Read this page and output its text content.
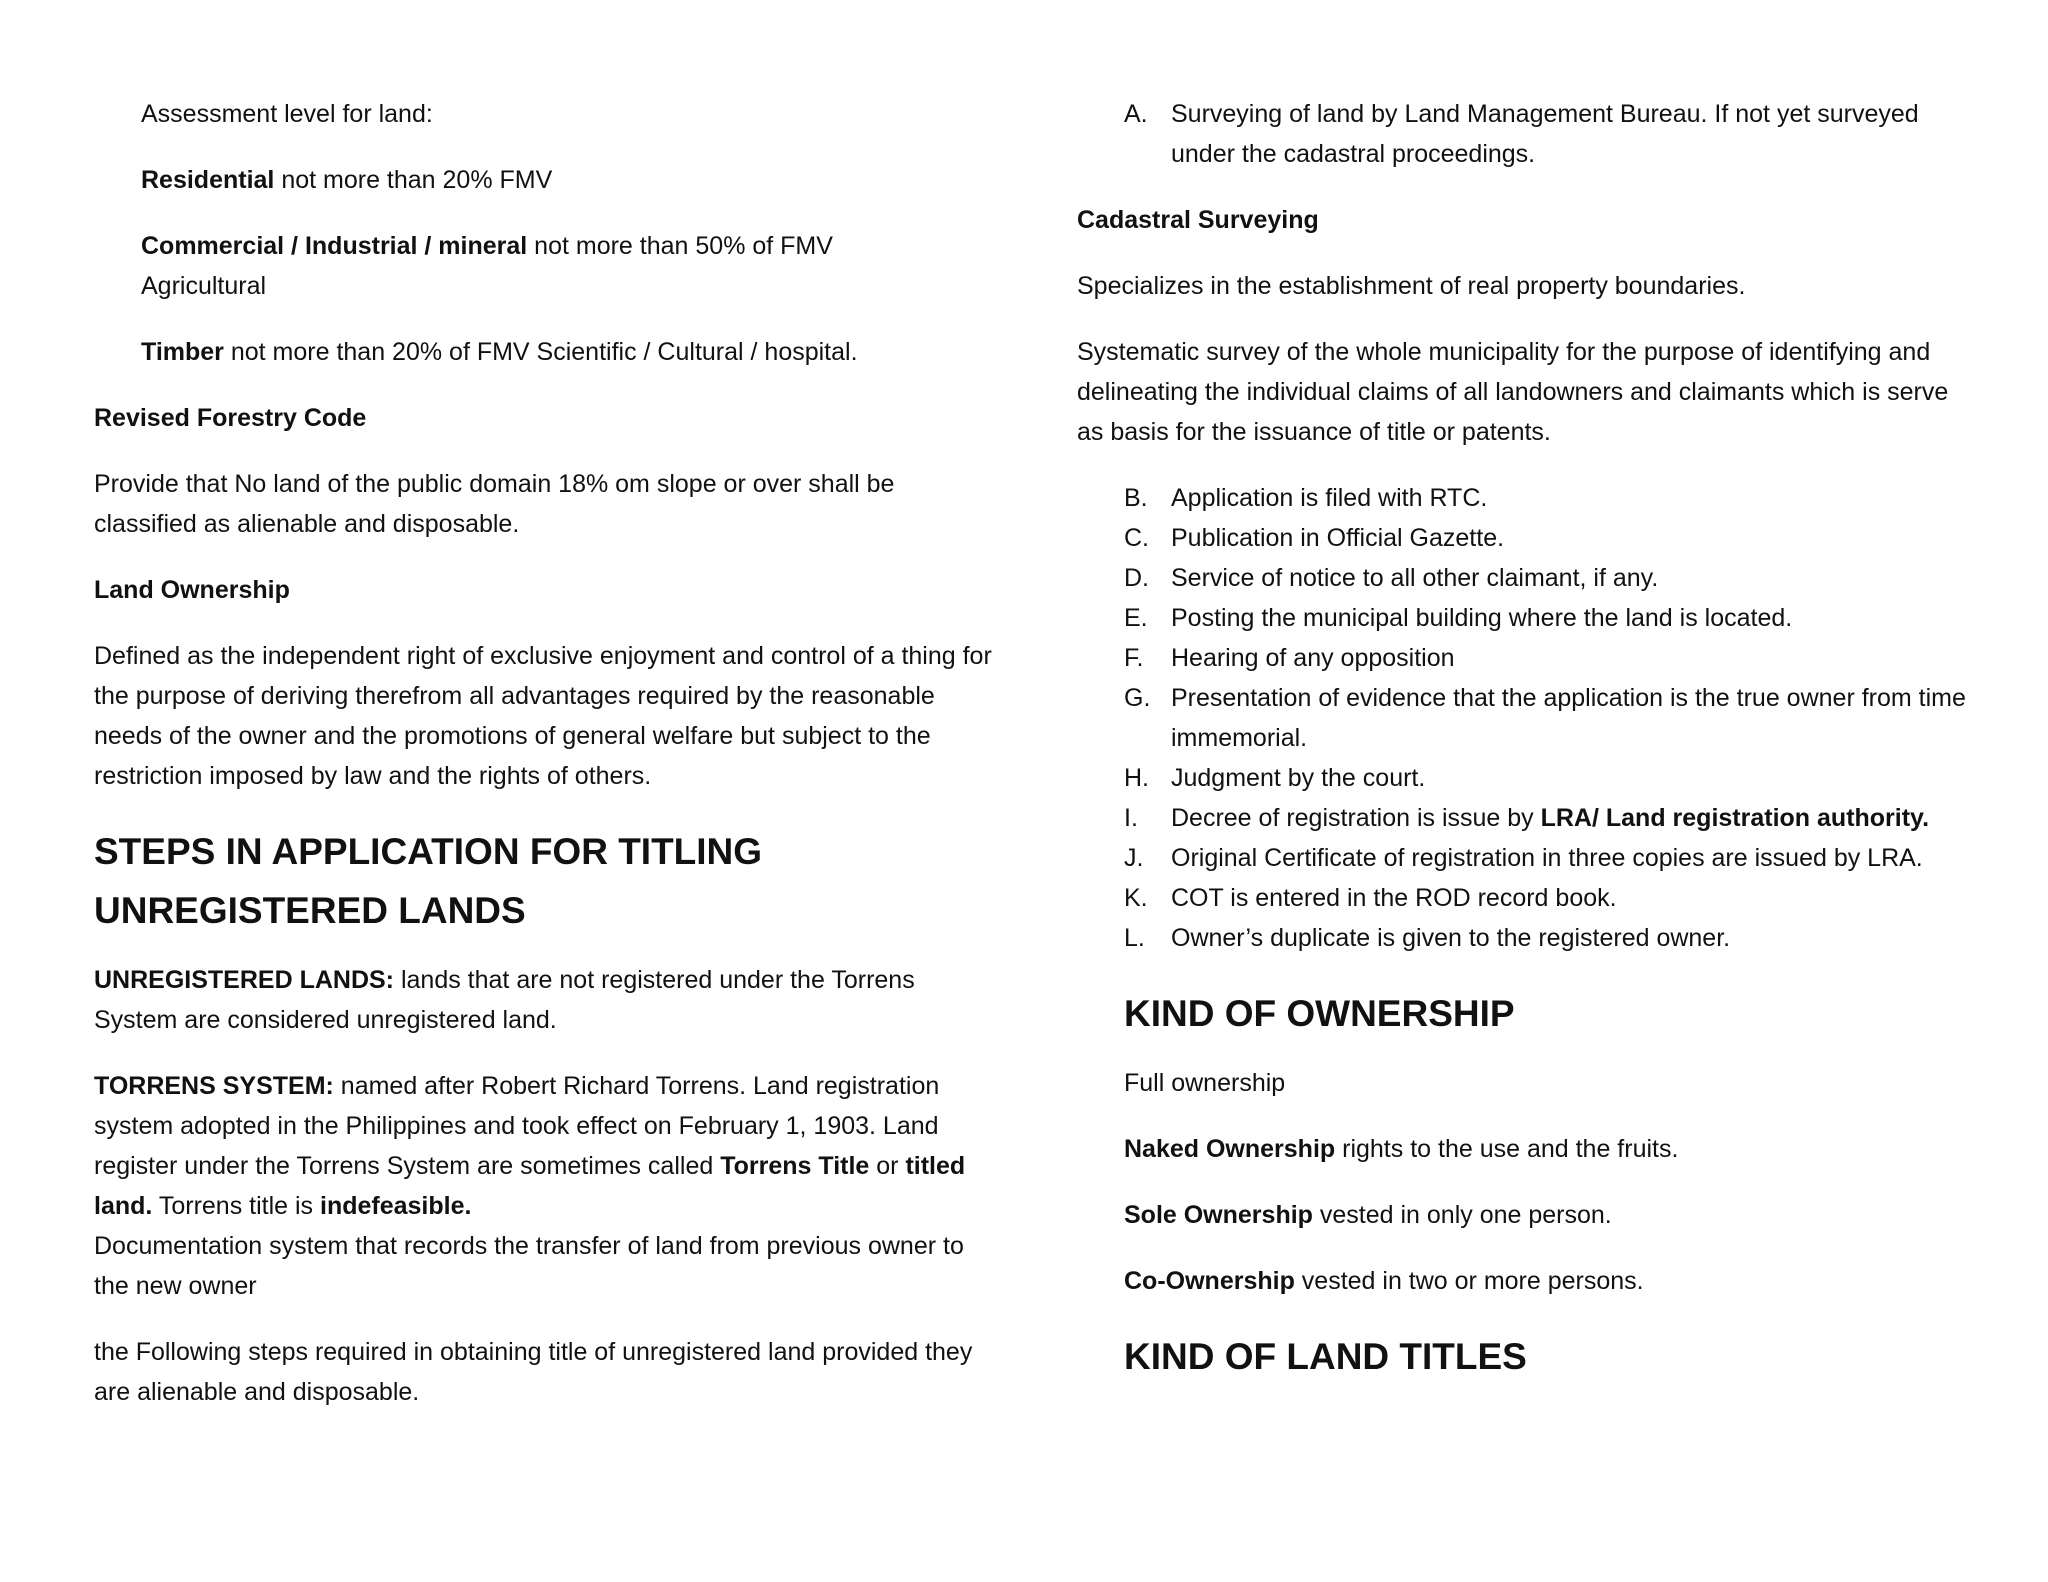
Assessment level for land:

Residential not more than 20% FMV

Commercial / Industrial / mineral not more than 50% of FMV
Agricultural

Timber not more than 20% of FMV Scientific / Cultural / hospital.

Revised Forestry Code

Provide that No land of the public domain 18% om slope or over shall be classified as alienable and disposable.

Land Ownership

Defined as the independent right of exclusive enjoyment and control of a thing for the purpose of deriving therefrom all advantages required by the reasonable needs of the owner and the promotions of general welfare but subject to the restriction imposed by law and the rights of others.

STEPS IN APPLICATION FOR TITLING UNREGISTERED LANDS

UNREGISTERED LANDS: lands that are not registered under the Torrens System are considered unregistered land.

TORRENS SYSTEM: named after Robert Richard Torrens. Land registration system adopted in the Philippines and took effect on February 1, 1903. Land register under the Torrens System are sometimes called Torrens Title or titled land. Torrens title is indefeasible.
Documentation system that records the transfer of land from previous owner to the new owner

the Following steps required in obtaining title of unregistered land provided they are alienable and disposable.

A. Surveying of land by Land Management Bureau. If not yet surveyed under the cadastral proceedings.

Cadastral Surveying

Specializes in the establishment of real property boundaries.

Systematic survey of the whole municipality for the purpose of identifying and delineating the individual claims of all landowners and claimants which is serve as basis for the issuance of title or patents.

B. Application is filed with RTC.
C. Publication in Official Gazette.
D. Service of notice to all other claimant, if any.
E. Posting the municipal building where the land is located.
F.	Hearing of any opposition
G. Presentation of evidence that the application is the true owner from time immemorial.
H. Judgment by the court.
I.	Decree of registration is issue by LRA/ Land registration authority.
J.	Original Certificate of registration in three copies are issued by LRA.
K. COT is entered in the ROD record book.
L.	Owner’s duplicate is given to the registered owner.

KIND OF OWNERSHIP

Full ownership

Naked Ownership rights to the use and the fruits.

Sole Ownership vested in only one person.

Co-Ownership vested in two or more persons.

KIND OF LAND TITLES
